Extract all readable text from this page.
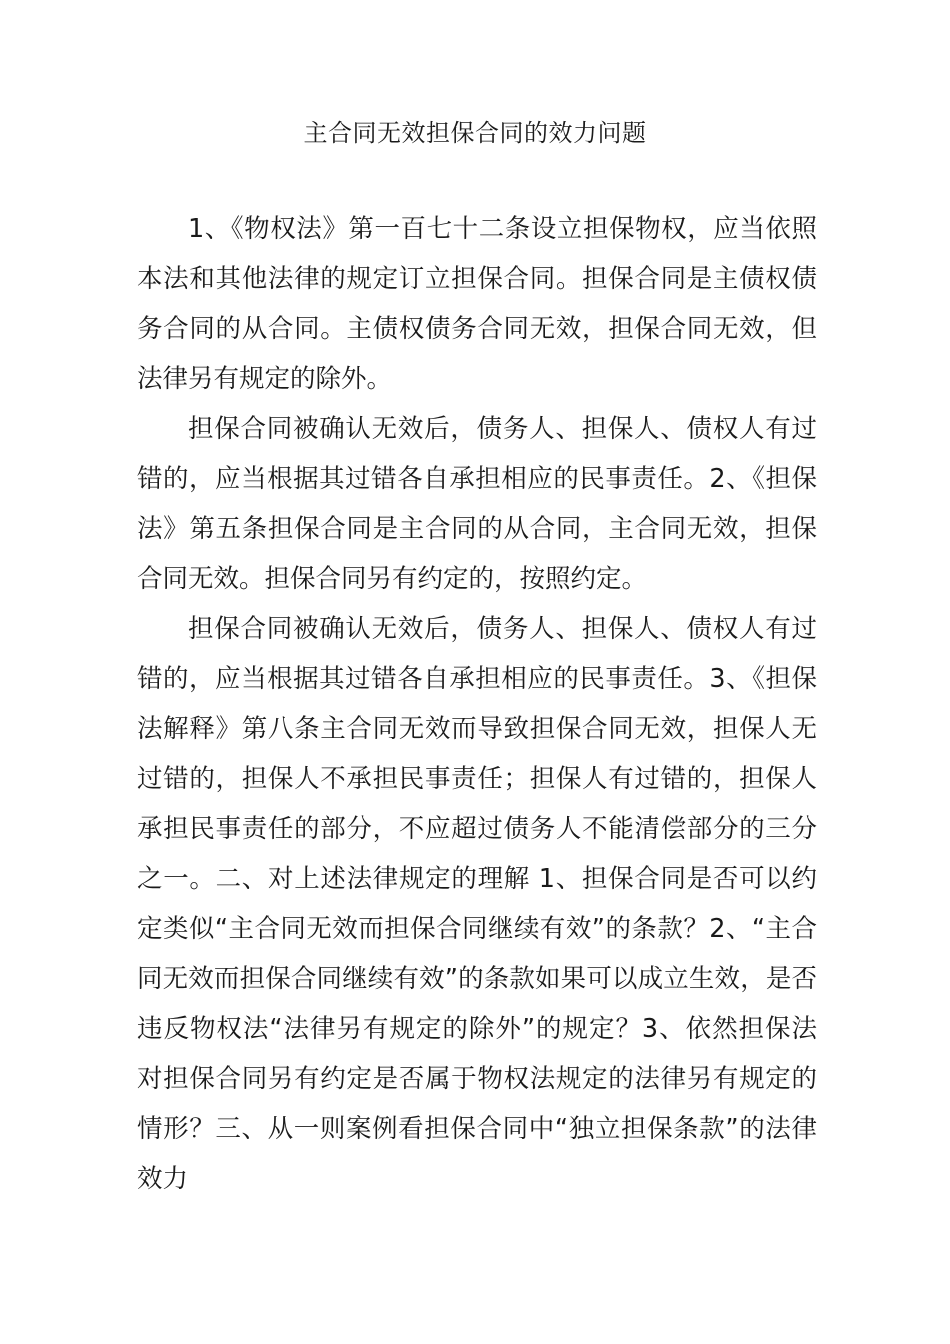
主合同无效担保合同的效力问题

1、《物权法》第一百七十二条设立担保物权，应当依照本法和其他法律的规定订立担保合同。担保合同是主债权债务合同的从合同。主债权债务合同无效，担保合同无效，但法律另有规定的除外。

担保合同被确认无效后，债务人、担保人、债权人有过错的，应当根据其过错各自承担相应的民事责任。2、《担保法》第五条担保合同是主合同的从合同，主合同无效，担保合同无效。担保合同另有约定的，按照约定。

担保合同被确认无效后，债务人、担保人、债权人有过错的，应当根据其过错各自承担相应的民事责任。3、《担保法解释》第八条主合同无效而导致担保合同无效，担保人无过错的，担保人不承担民事责任；担保人有过错的，担保人承担民事责任的部分，不应超过债务人不能清偿部分的三分之一。二、对上述法律规定的理解 1、担保合同是否可以约定类似“主合同无效而担保合同继续有效”的条款？2、“主合同无效而担保合同继续有效”的条款如果可以成立生效，是否违反物权法“法律另有规定的除外”的规定？3、依然担保法对担保合同另有约定是否属于物权法规定的法律另有规定的情形？三、从一则案例看担保合同中“独立担保条款”的法律效力
